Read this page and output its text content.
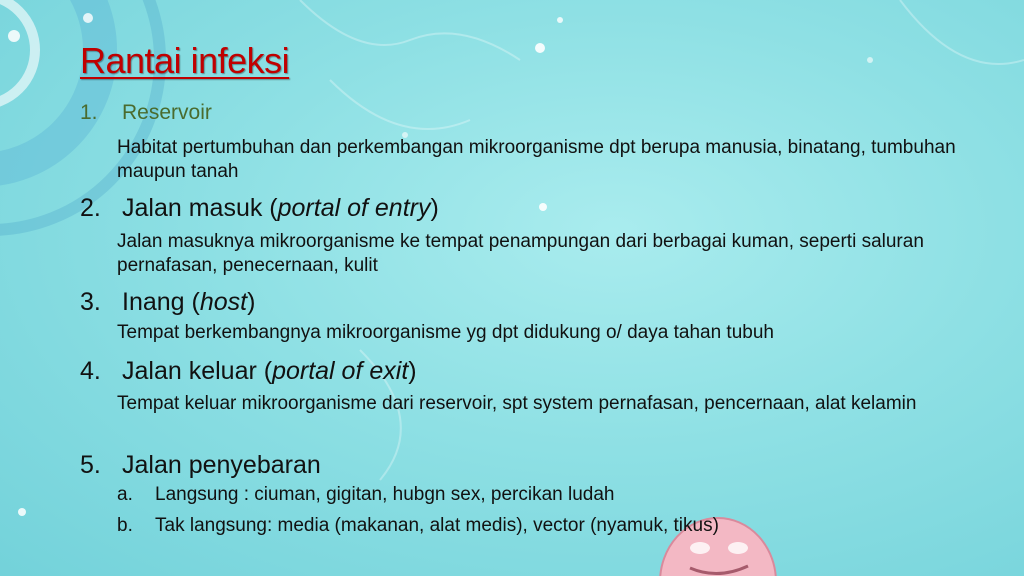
Rantai infeksi
1. Reservoir

Habitat pertumbuhan dan perkembangan mikroorganisme dpt berupa manusia, binatang, tumbuhan maupun tanah

2. Jalan masuk (portal of entry)

Jalan masuknya mikroorganisme ke tempat penampungan dari berbagai kuman, seperti saluran pernafasan, penecernaan, kulit

3. Inang (host)

Tempat berkembangnya mikroorganisme yg dpt didukung o/ daya tahan tubuh

4. Jalan keluar (portal of exit)

Tempat keluar mikroorganisme dari reservoir, spt system pernafasan, pencernaan, alat kelamin

5. Jalan penyebaran
a. Langsung : ciuman, gigitan, hubgn sex, percikan ludah
b. Tak langsung: media (makanan, alat medis), vector (nyamuk, tikus)
